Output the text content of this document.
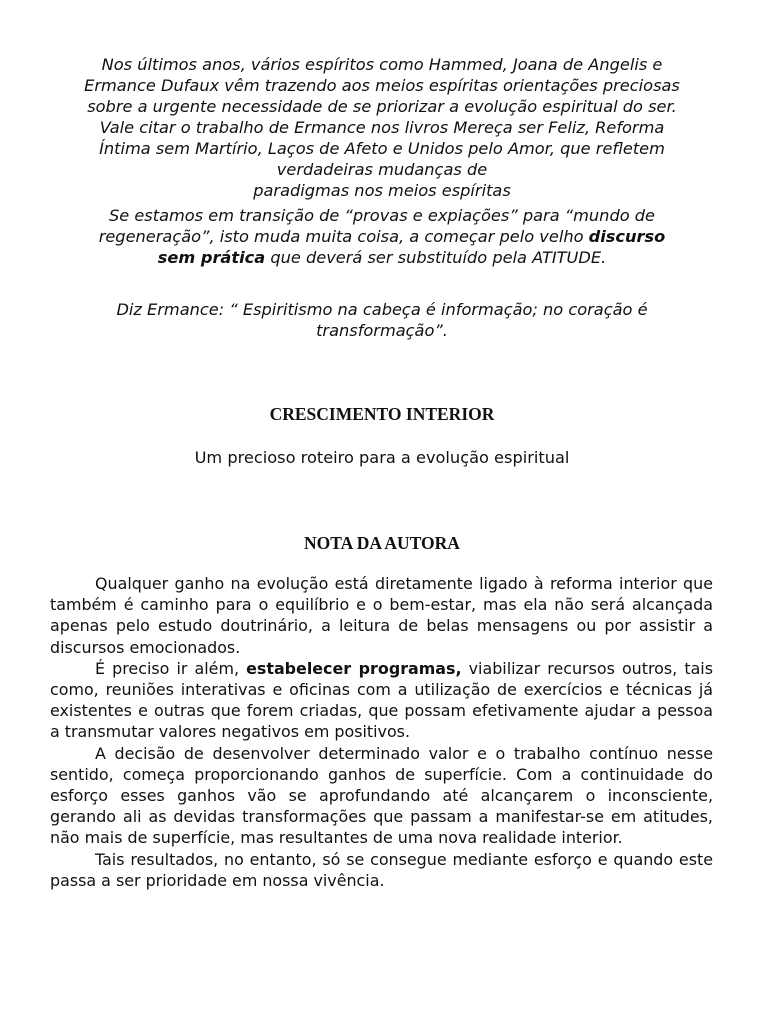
Nos últimos anos, vários espíritos como Hammed, Joana de Angelis e
Ermance Dufaux vêm trazendo aos meios espíritas orientações preciosas
sobre a urgente necessidade de se priorizar a evolução espiritual do ser.
Vale citar o trabalho de Ermance nos livros Mereça ser Feliz, Reforma
Íntima sem Martírio, Laços de Afeto e Unidos pelo Amor, que refletem
verdadeiras mudanças de
paradigmas nos meios espíritas

Se estamos em transição de “provas e expiações” para “mundo de
regeneração”, isto muda muita coisa, a começar pelo velho discurso
sem prática que deverá ser substituído pela ATITUDE.

Diz Ermance: “ Espiritismo na cabeça é informação; no coração é
transformação”.

CRESCIMENTO INTERIOR

Um precioso roteiro para a evolução espiritual

NOTA DA AUTORA

Qualquer ganho na evolução está diretamente ligado à reforma interior que também é caminho para o equilíbrio e o bem-estar, mas ela não será alcançada apenas pelo estudo doutrinário, a leitura de belas mensagens ou por assistir a discursos emocionados.

É preciso ir além, estabelecer programas, viabilizar recursos outros, tais como, reuniões interativas e oficinas com a utilização de exercícios e técnicas já existentes e outras que forem criadas, que possam efetivamente ajudar a pessoa a transmutar valores negativos em positivos.

A decisão de desenvolver determinado valor e o trabalho contínuo nesse sentido, começa proporcionando ganhos de superfície. Com a continuidade do esforço esses ganhos vão se aprofundando até alcançarem o inconsciente, gerando ali as devidas transformações que passam a manifestar-se em atitudes, não mais de superfície, mas resultantes de uma nova realidade interior.

Tais resultados, no entanto, só se consegue mediante esforço e quando este passa a ser prioridade em nossa vivência.
